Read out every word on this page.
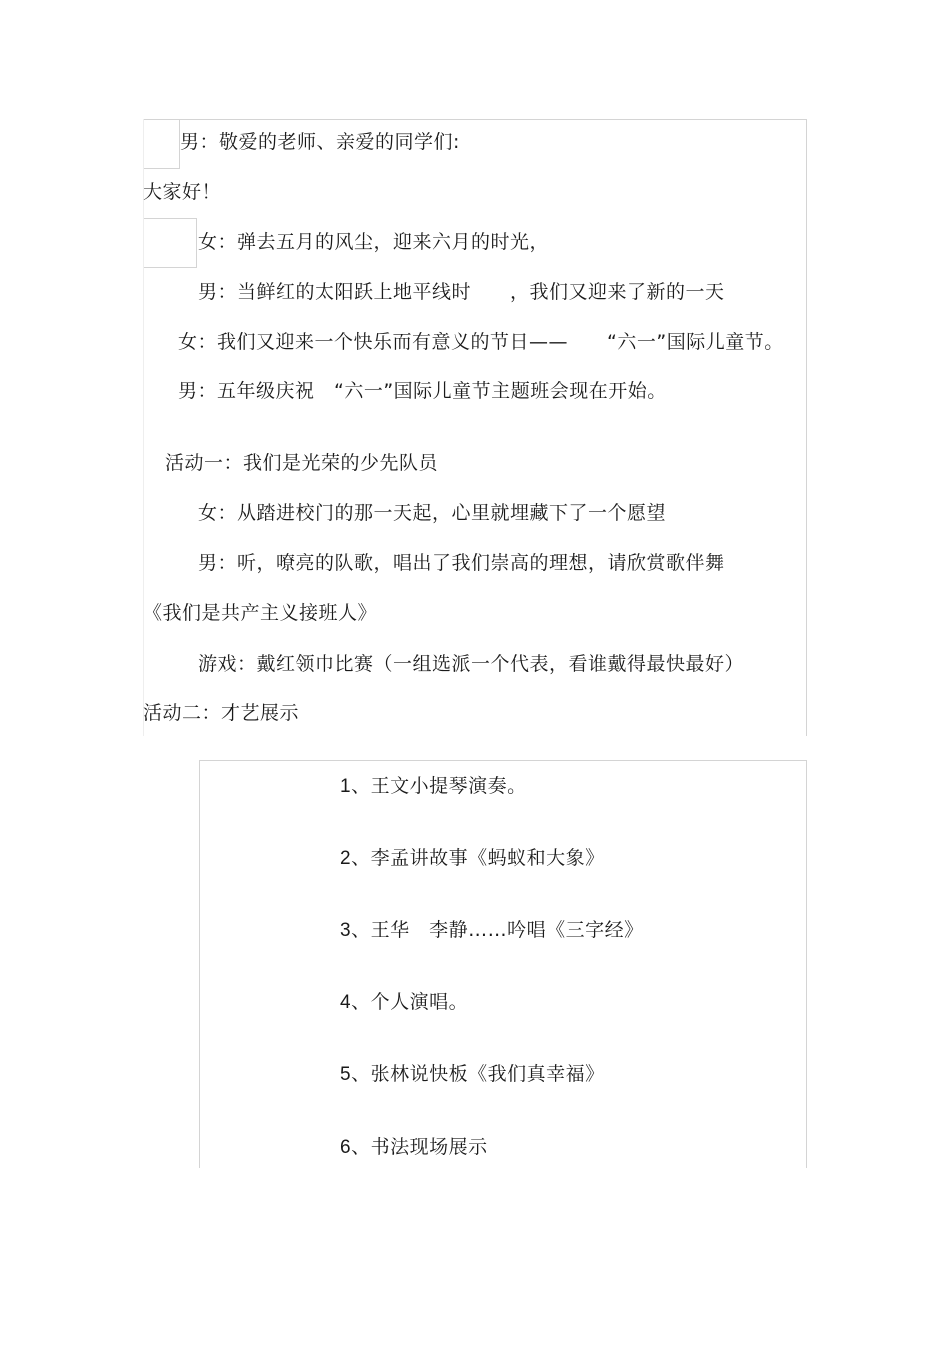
男：敬爱的老师、亲爱的同学们:
大家好！
女：弹去五月的风尘，迎来六月的时光，
男：当鲜红的太阳跃上地平线时　　，我们又迎来了新的一天
女：我们又迎来一个快乐而有意义的节日——　　“六一”国际儿童节。
男：五年级庆祝　“六一”国际儿童节主题班会现在开始。
活动一：我们是光荣的少先队员
女：从踏进校门的那一天起，心里就埋藏下了一个愿望
男：听，嘹亮的队歌，唱出了我们崇高的理想，请欣赏歌伴舞
《我们是共产主义接班人》
游戏：戴红领巾比赛（一组选派一个代表，看谁戴得最快最好）
活动二：才艺展示
1、王文小提琴演奏。
2、李孟讲故事《蚂蚁和大象》
3、王华　李静……吟唱《三字经》
4、个人演唱。
5、张林说快板《我们真幸福》
6、书法现场展示
